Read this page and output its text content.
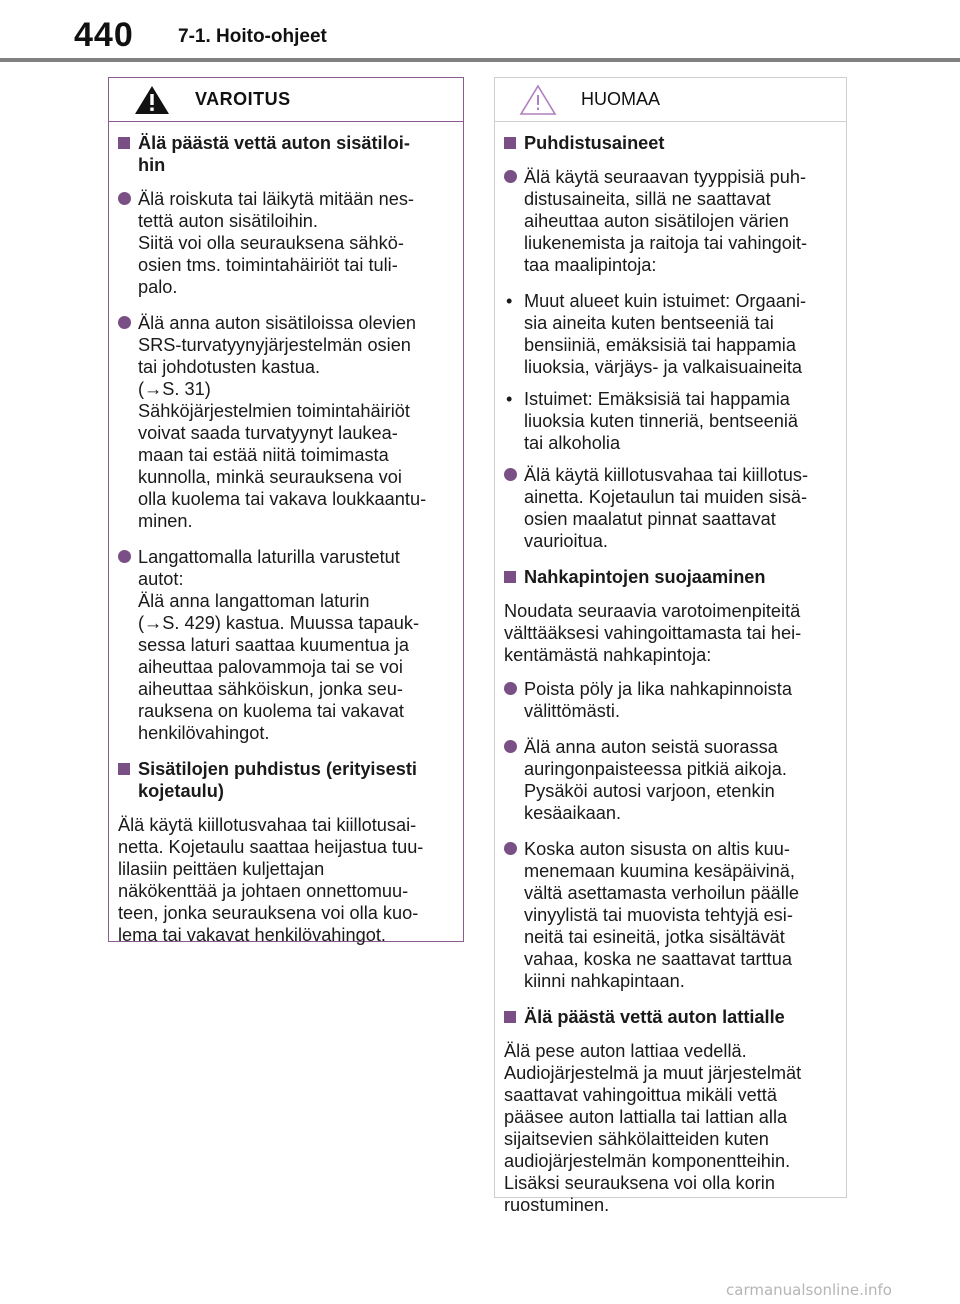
440 7-1. Hoito-ohjeet
VAROITUS
Älä päästä vettä auton sisätiloi-
hin
Älä roiskuta tai läikytä mitään nes-
tettä auton sisätiloihin.
Siitä voi olla seurauksena sähkö-
osien tms. toimintahäiriöt tai tuli-
palo.
Älä anna auton sisätiloissa olevien
SRS-turvatyynyjärjestelmän osien
tai johdotusten kastua.
(→S. 31)
Sähköjärjestelmien toimintahäiriöt
voivat saada turvatyynyt laukea-
maan tai estää niitä toimimasta
kunnolla, minkä seurauksena voi
olla kuolema tai vakava loukkaantu-
minen.
Langattomalla laturilla varustetut
autot:
Älä anna langattoman laturin
(→S. 429) kastua. Muussa tapauk-
sessa laturi saattaa kuumentua ja
aiheuttaa palovammoja tai se voi
aiheuttaa sähköiskun, jonka seu-
rauksena on kuolema tai vakavat
henkilövahingot.
Sisätilojen puhdistus (erityisesti
kojetaulu)
Älä käytä kiillotusvahaa tai kiillotusai-
netta. Kojetaulu saattaa heijastua tuu-
lilasiin peittäen kuljettajan
näkökenttää ja johtaen onnettomuu-
teen, jonka seurauksena voi olla kuo-
lema tai vakavat henkilövahingot.
HUOMAA
Puhdistusaineet
Älä käytä seuraavan tyyppisiä puh-
distusaineita, sillä ne saattavat
aiheuttaa auton sisätilojen värien
liukenemista ja raitoja tai vahingoit-
taa maalipintoja:
• Muut alueet kuin istuimet: Orgaani-
sia aineita kuten bentseeniä tai
bensiiniä, emäksisiä tai happamia
liuoksia, värjäys- ja valkaisuaineita
• Istuimet: Emäksisiä tai happamia
liuoksia kuten tinneriä, bentseeniä
tai alkoholia
Älä käytä kiillotusvahaa tai kiillotus-
ainetta. Kojetaulun tai muiden sisä-
osien maalatut pinnat saattavat
vaurioitua.
Nahkapintojen suojaaminen
Noudata seuraavia varotoimenpiteitä
välttääksesi vahingoittamasta tai hei-
kentämästä nahkapintoja:
Poista pöly ja lika nahkapinnoista
välittömästi.
Älä anna auton seistä suorassa
auringonpaisteessa pitkiä aikoja.
Pysäköi autosi varjoon, etenkin
kesäaikaan.
Koska auton sisusta on altis kuu-
menemaan kuumina kesäpäivinä,
vältä asettamasta verhoilun päälle
vinyylistä tai muovista tehtyjä esi-
neitä tai esineitä, jotka sisältävät
vahaa, koska ne saattavat tarttua
kiinni nahkapintaan.
Älä päästä vettä auton lattialle
Älä pese auton lattiaa vedellä.
Audiojärjestelmä ja muut järjestelmät
saattavat vahingoittua mikäli vettä
pääsee auton lattialla tai lattian alla
sijaitsevien sähkölaitteiden kuten
audiojärjestelmän komponentteihin.
Lisäksi seurauksena voi olla korin
ruostuminen.
carmanualsonline.info
